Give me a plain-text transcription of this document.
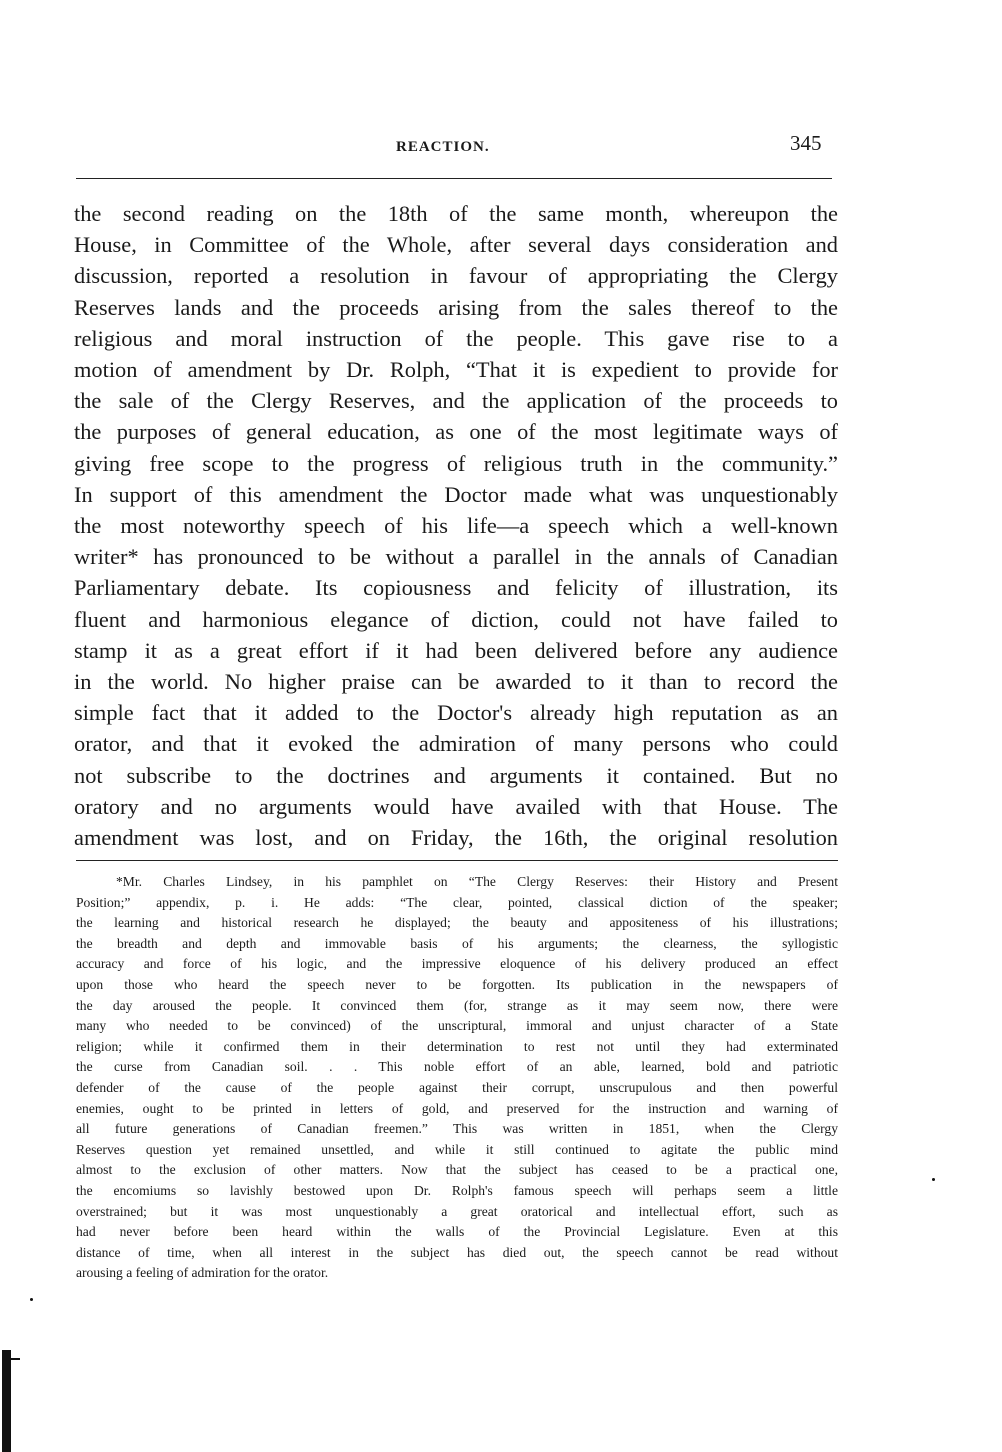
REACTION.	345
the second reading on the 18th of the same month, whereupon the
House, in Committee of the Whole, after several days consideration and
discussion, reported a resolution in favour of appropriating the Clergy
Reserves lands and the proceeds arising from the sales thereof to the
religious and moral instruction of the people. This gave rise to a
motion of amendment by Dr. Rolph, “That it is expedient to provide for
the sale of the Clergy Reserves, and the application of the proceeds to
the purposes of general education, as one of the most legitimate ways of
giving free scope to the progress of religious truth in the community.”
In support of this amendment the Doctor made what was unquestionably
the most noteworthy speech of his life—a speech which a well-known
writer* has pronounced to be without a parallel in the annals of Canadian
Parliamentary debate. Its copiousness and felicity of illustration, its
fluent and harmonious elegance of diction, could not have failed to
stamp it as a great effort if it had been delivered before any audience
in the world. No higher praise can be awarded to it than to record the
simple fact that it added to the Doctor's already high reputation as an
orator, and that it evoked the admiration of many persons who could
not subscribe to the doctrines and arguments it contained. But no
oratory and no arguments would have availed with that House. The
amendment was lost, and on Friday, the 16th, the original resolution
*Mr. Charles Lindsey, in his pamphlet on “The Clergy Reserves: their History and Present
Position;” appendix, p. i. He adds: “The clear, pointed, classical diction of the speaker;
the learning and historical research he displayed; the beauty and appositeness of his illustrations;
the breadth and depth and immovable basis of his arguments; the clearness, the syllogistic
accuracy and force of his logic, and the impressive eloquence of his delivery produced an effect
upon those who heard the speech never to be forgotten. Its publication in the newspapers of
the day aroused the people. It convinced them (for, strange as it may seem now, there were
many who needed to be convinced) of the unscriptural, immoral and unjust character of a State
religion; while it confirmed them in their determination to rest not until they had exterminated
the curse from Canadian soil. . . This noble effort of an able, learned, bold and patriotic
defender of the cause of the people against their corrupt, unscrupulous and then powerful
enemies, ought to be printed in letters of gold, and preserved for the instruction and warning of
all future generations of Canadian freemen.” This was written in 1851, when the Clergy
Reserves question yet remained unsettled, and while it still continued to agitate the public mind
almost to the exclusion of other matters. Now that the subject has ceased to be a practical one,
the encomiums so lavishly bestowed upon Dr. Rolph's famous speech will perhaps seem a little
overstrained; but it was most unquestionably a great oratorical and intellectual effort, such as
had never before been heard within the walls of the Provincial Legislature. Even at this
distance of time, when all interest in the subject has died out, the speech cannot be read without
arousing a feeling of admiration for the orator.
